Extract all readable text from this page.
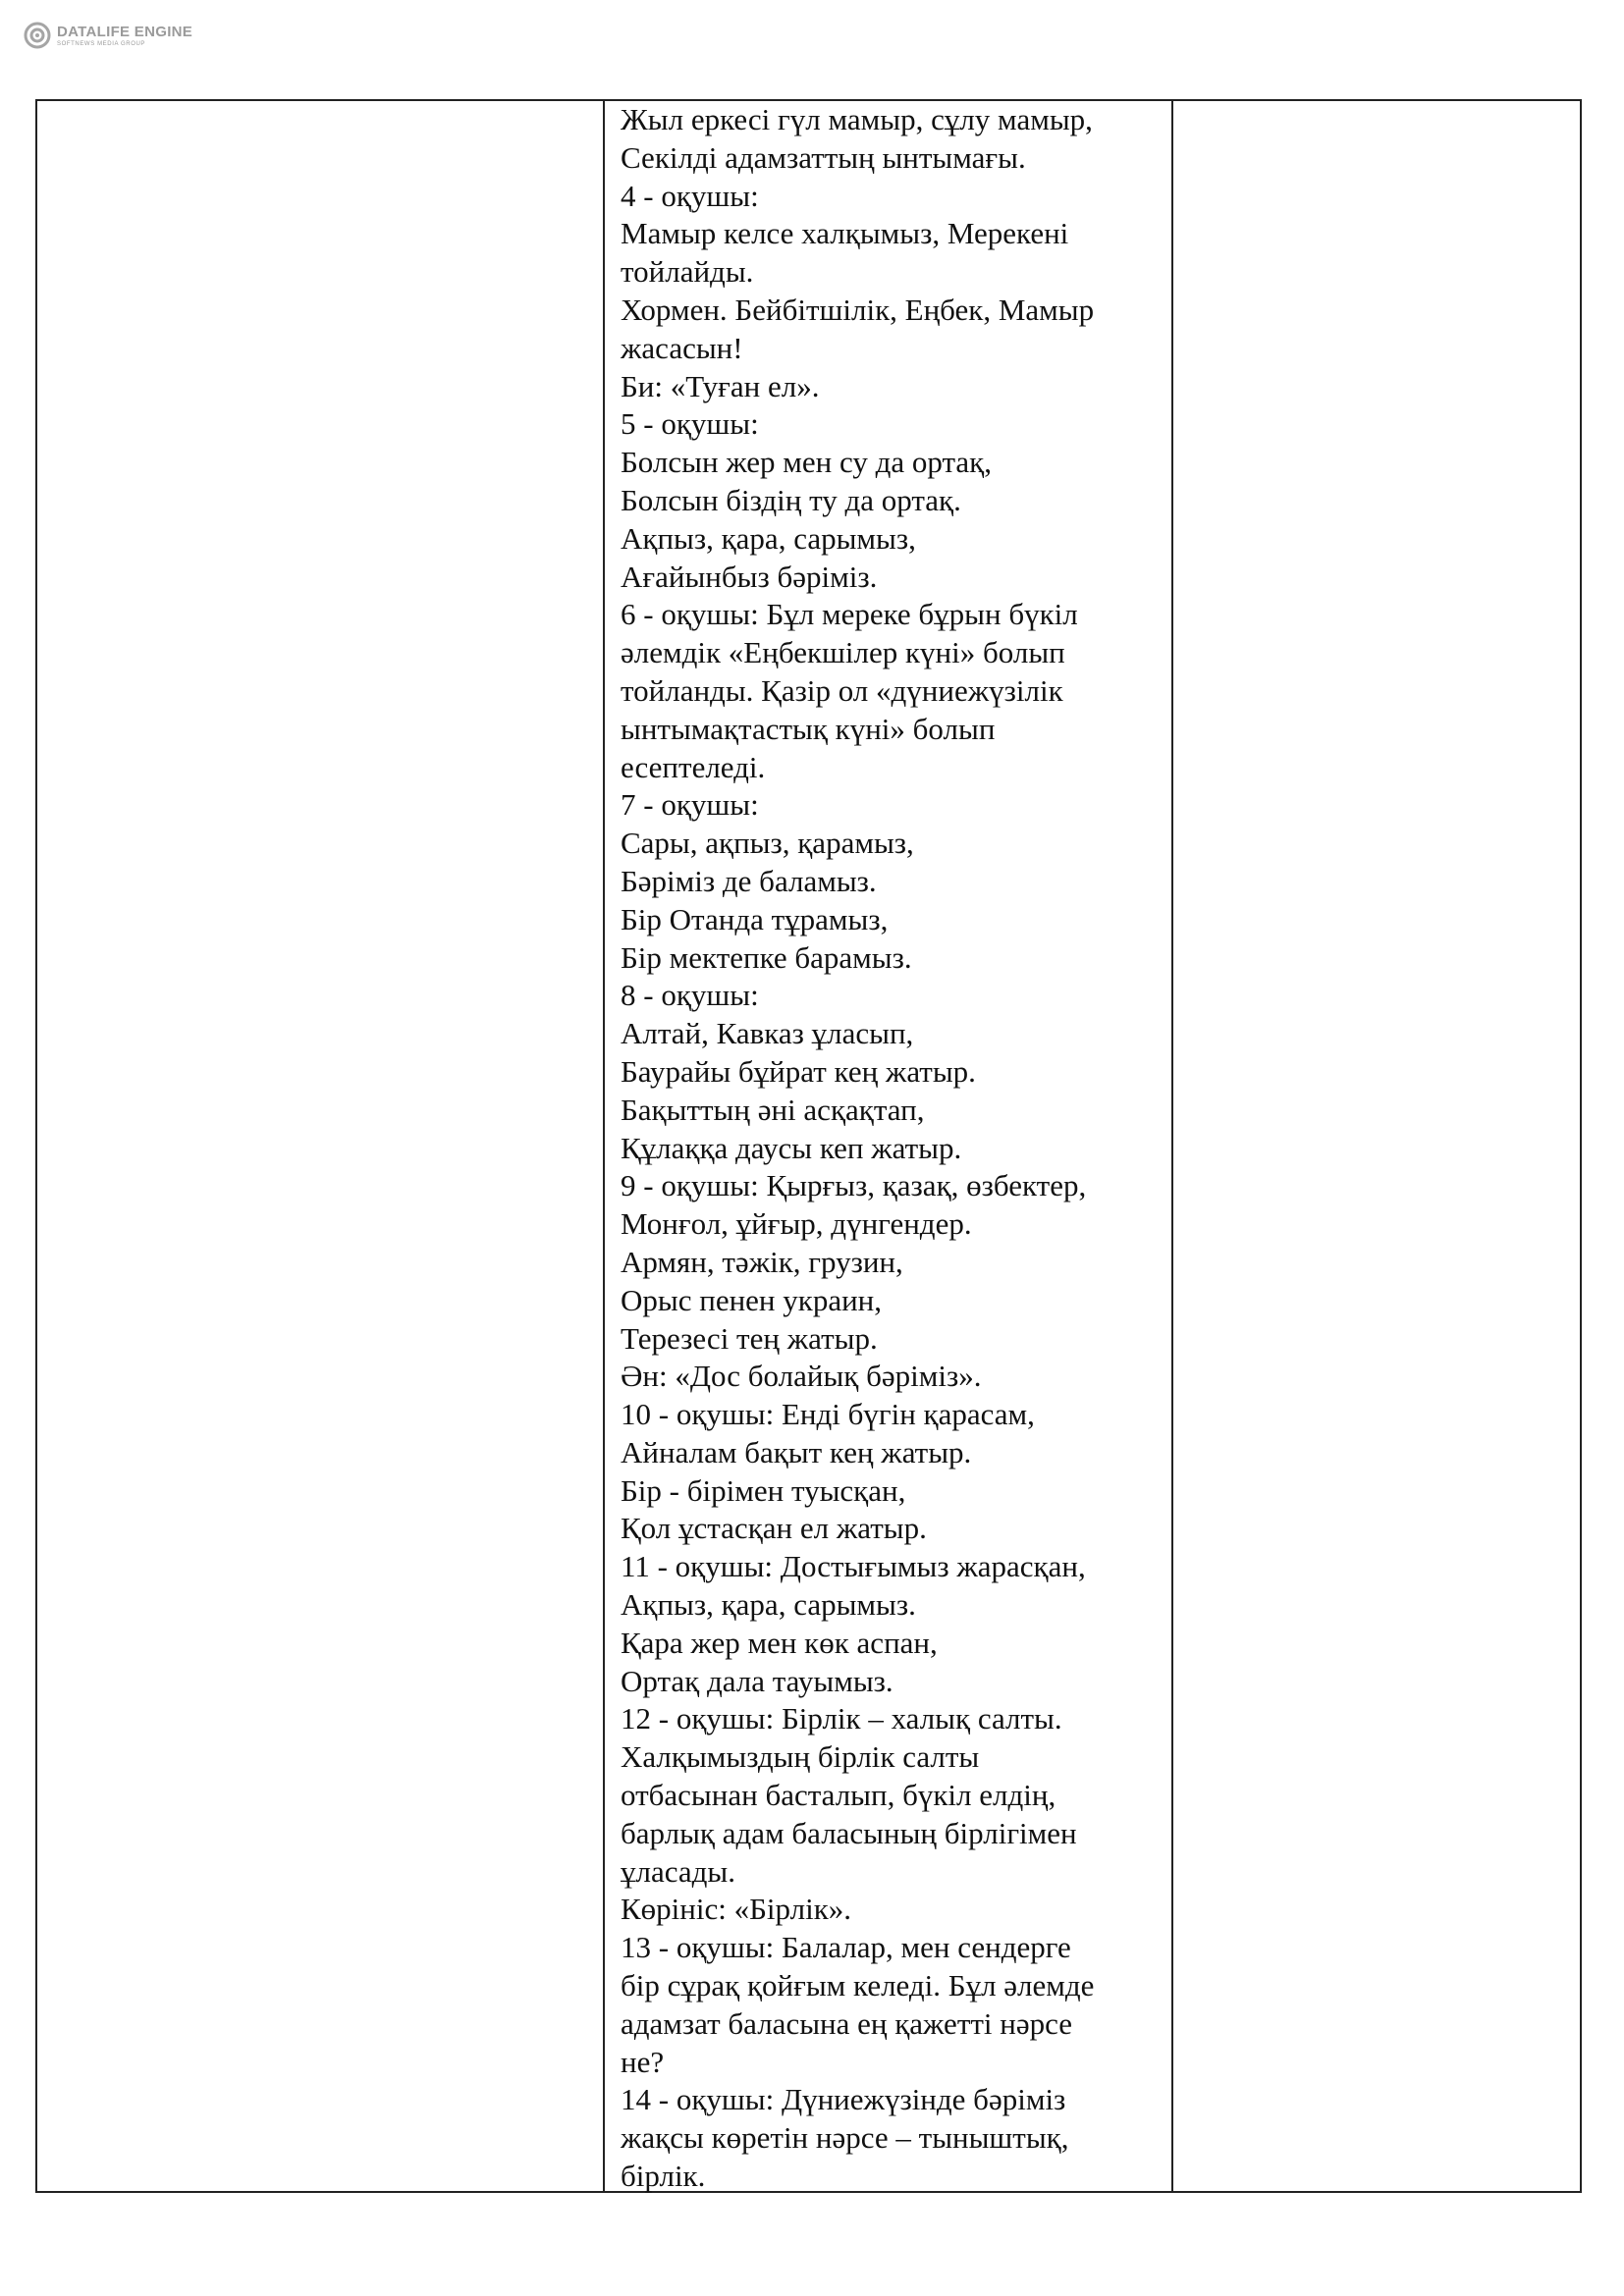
DATALIFE ENGINE
SOFTNEWS MEDIA GROUP
Жыл еркесі гүл мамыр, сұлу мамыр,
Секілді адамзаттың ынтымағы.
4 - оқушы:
Мамыр келсе халқымыз, Мерекені
тойлайды.
Хормен. Бейбітшілік, Еңбек, Мамыр
жасасын!
Би: «Туған ел».
5 - оқушы:
Болсын жер мен су да ортақ,
Болсын біздің ту да ортақ.
Ақпыз, қара, сарымыз,
Ағайынбыз бәріміз.
6 - оқушы: Бұл мереке бұрын бүкіл
әлемдік «Еңбекшілер күні» болып
тойланды. Қазір ол «дүниежүзілік
ынтымақтастық күні» болып
есептеледі.
7 - оқушы:
Сары, ақпыз, қарамыз,
Бәріміз де баламыз.
Бір Отанда тұрамыз,
Бір мектепке барамыз.
8 - оқушы:
Алтай, Кавказ ұласып,
Баурайы бұйрат кең жатыр.
Бақыттың әні асқақтап,
Құлаққа даусы кеп жатыр.
9 - оқушы: Қырғыз, қазақ, өзбектер,
Монғол, ұйғыр, дүнгендер.
Армян, тәжік, грузин,
Орыс пенен украин,
Терезесі тең жатыр.
Ән: «Дос болайық бәріміз».
10 - оқушы: Енді бүгін қарасам,
Айналам бақыт кең жатыр.
Бір - бірімен туысқан,
Қол ұстасқан ел жатыр.
11 - оқушы: Достығымыз жарасқан,
Ақпыз, қара, сарымыз.
Қара жер мен көк аспан,
Ортақ дала тауымыз.
12 - оқушы: Бірлік – халық салты.
Халқымыздың бірлік салты
отбасынан басталып, бүкіл елдің,
барлық адам баласының бірлігімен
ұласады.
Көрініс: «Бірлік».
13 - оқушы: Балалар, мен сендерге
бір сұрақ қойғым келеді. Бұл әлемде
адамзат баласына ең қажетті нәрсе
не?
14 - оқушы: Дүниежүзінде бәріміз
жақсы көретін нәрсе – тыныштық,
бірлік.
